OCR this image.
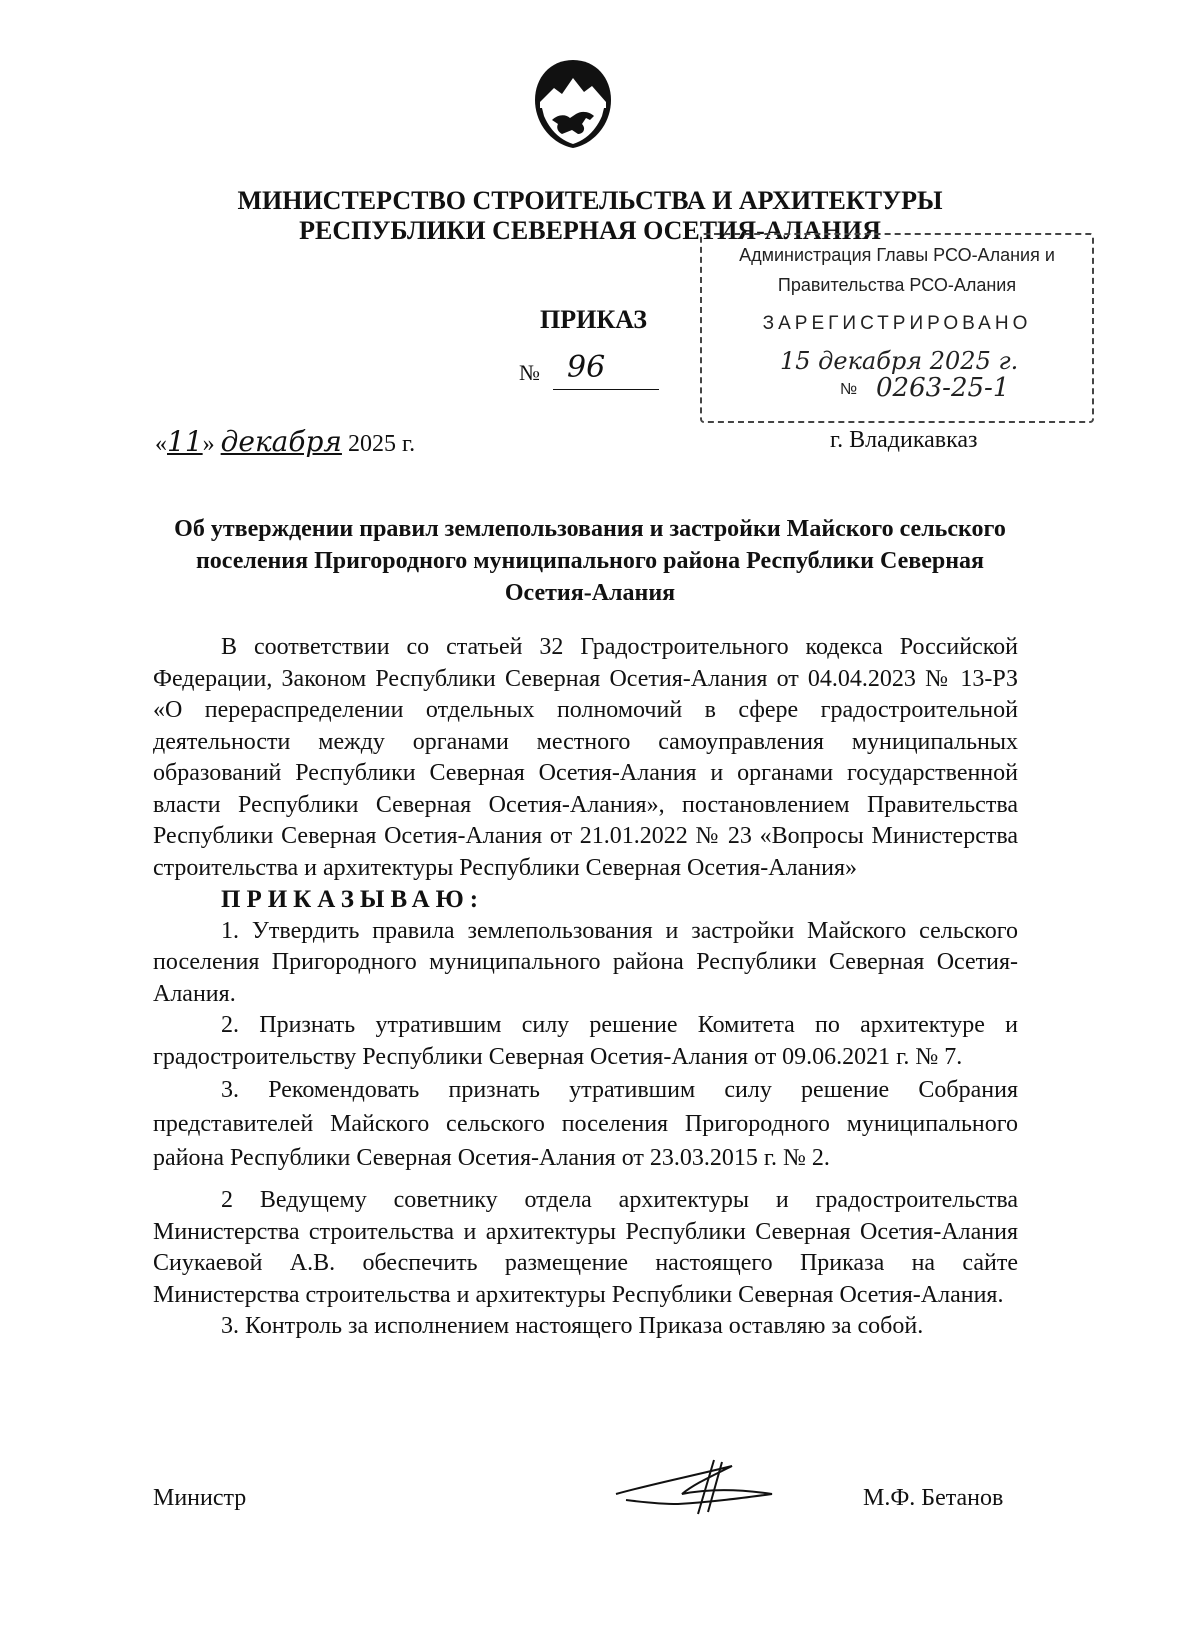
МИНИСТЕРСТВО СТРОИТЕЛЬСТВА И АРХИТЕКТУРЫ
РЕСПУБЛИКИ СЕВЕРНАЯ ОСЕТИЯ-АЛАНИЯ
Администрация Главы РСО-Алания и
Правительства РСО-Алания
ЗАРЕГИСТРИРОВАНО
15 декабря 2025 г.
№ 0263-25-1
ПРИКАЗ
№ 96
«11» декабря 2025 г.	г. Владикавказ
Об утверждении правил землепользования и застройки Майского сельского поселения Пригородного муниципального района Республики Северная Осетия-Алания

В соответствии со статьей 32 Градостроительного кодекса Российской Федерации, Законом Республики Северная Осетия-Алания от 04.04.2023 № 13-РЗ «О перераспределении отдельных полномочий в сфере градостроительной деятельности между органами местного самоуправления муниципальных образований Республики Северная Осетия-Алания и органами государственной власти Республики Северная Осетия-Алания», постановлением Правительства Республики Северная Осетия-Алания от 21.01.2022 № 23 «Вопросы Министерства строительства и архитектуры Республики Северная Осетия-Алания»

ПРИКАЗЫВАЮ:

1. Утвердить правила землепользования и застройки Майского сельского поселения Пригородного муниципального района Республики Северная Осетия-Алания.

2. Признать утратившим силу решение Комитета по архитектуре и градостроительству Республики Северная Осетия-Алания от 09.06.2021 г. № 7.

3. Рекомендовать признать утратившим силу решение Собрания представителей Майского сельского поселения Пригородного муниципального района Республики Северная Осетия-Алания от 23.03.2015 г. № 2.

2 Ведущему советнику отдела архитектуры и градостроительства Министерства строительства и архитектуры Республики Северная Осетия-Алания Сиукаевой А.В. обеспечить размещение настоящего Приказа на сайте Министерства строительства и архитектуры Республики Северная Осетия-Алания.

3. Контроль за исполнением настоящего Приказа оставляю за собой.

Министр	М.Ф. Бетанов
